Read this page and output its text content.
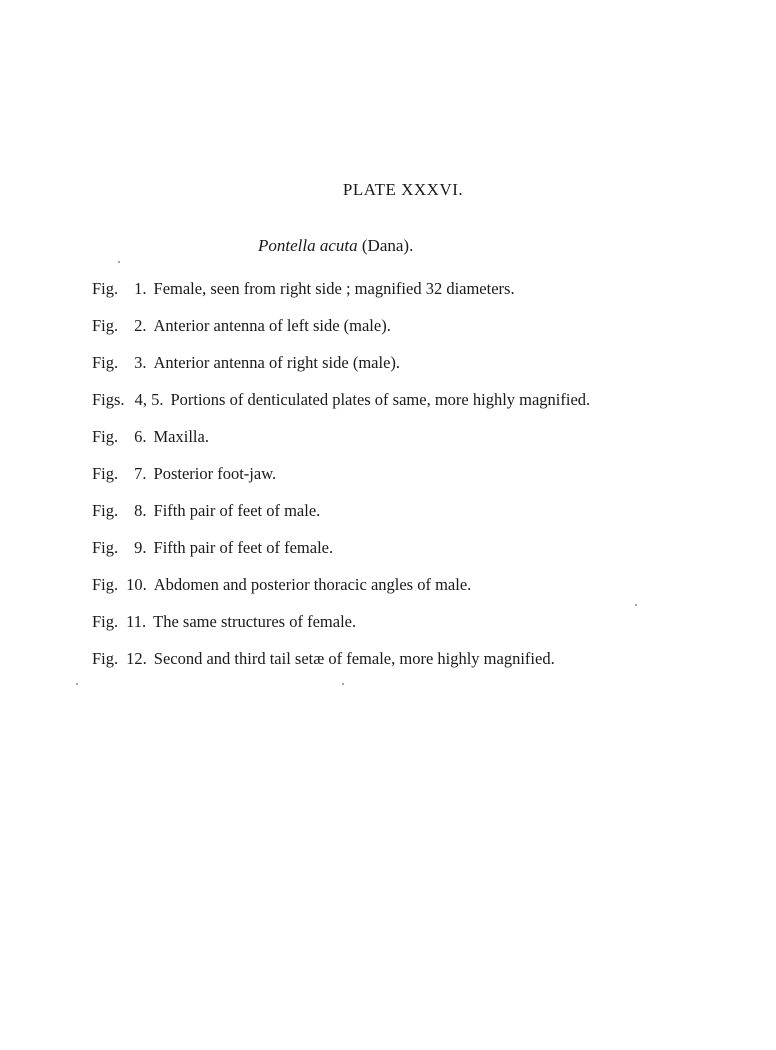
PLATE XXXVI.
Pontella acuta (Dana).
Fig. 1. Female, seen from right side ; magnified 32 diameters.
Fig. 2. Anterior antenna of left side (male).
Fig. 3. Anterior antenna of right side (male).
Figs. 4, 5. Portions of denticulated plates of same, more highly magnified.
Fig. 6. Maxilla.
Fig. 7. Posterior foot-jaw.
Fig. 8. Fifth pair of feet of male.
Fig. 9. Fifth pair of feet of female.
Fig. 10. Abdomen and posterior thoracic angles of male.
Fig. 11. The same structures of female.
Fig. 12. Second and third tail setæ of female, more highly magnified.
